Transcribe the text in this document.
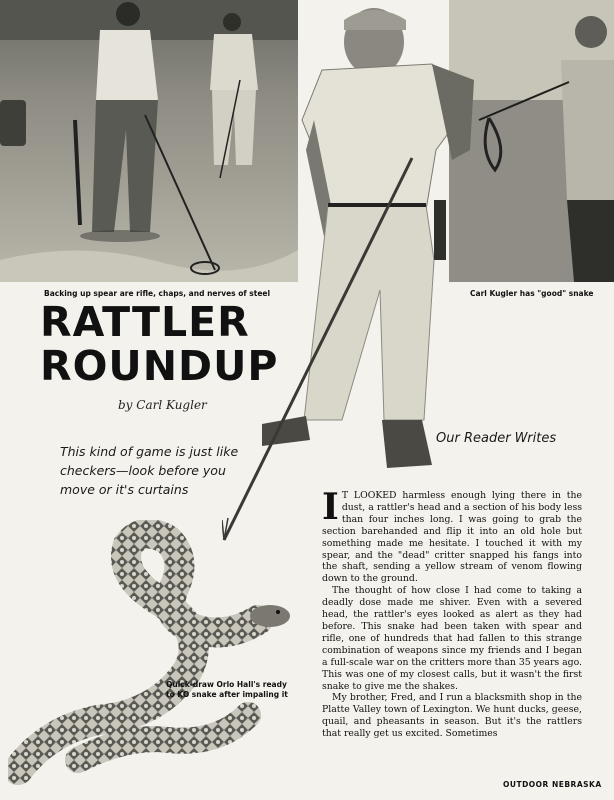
Backing up spear are rifle, chaps, and nerves of steel	Carl Kugler has "good" snake
RATTLER
ROUNDUP
by Carl Kugler
This kind of game is just like checkers—look before you move or it's curtains
Our Reader Writes

I T LOOKED harmless enough lying there in the dust, a rattler's head and a section of his body less than four inches long. I was going to grab the section barehanded and flip it into an old hole but something made me hesitate. I touched it with my spear, and the "dead" critter snapped his fangs into the shaft, sending a yellow stream of venom flowing down to the ground.

The thought of how close I had come to taking a deadly dose made me shiver. Even with a severed head, the rattler's eyes looked as alert as they had before. This snake had been taken with spear and rifle, one of hundreds that had fallen to this strange combination of weapons since my friends and I began a full-scale war on the critters more than 35 years ago. This was one of my closest calls, but it wasn't the first snake to give me the shakes.

My brother, Fred, and I run a blacksmith shop in the Platte Valley town of Lexington. We hunt ducks, geese, quail, and pheasants in season. But it's the rattlers that really get us excited. Sometimes

Quick-draw Orlo Hall's ready
to KO snake after impaling it
OUTDOOR NEBRASKA
